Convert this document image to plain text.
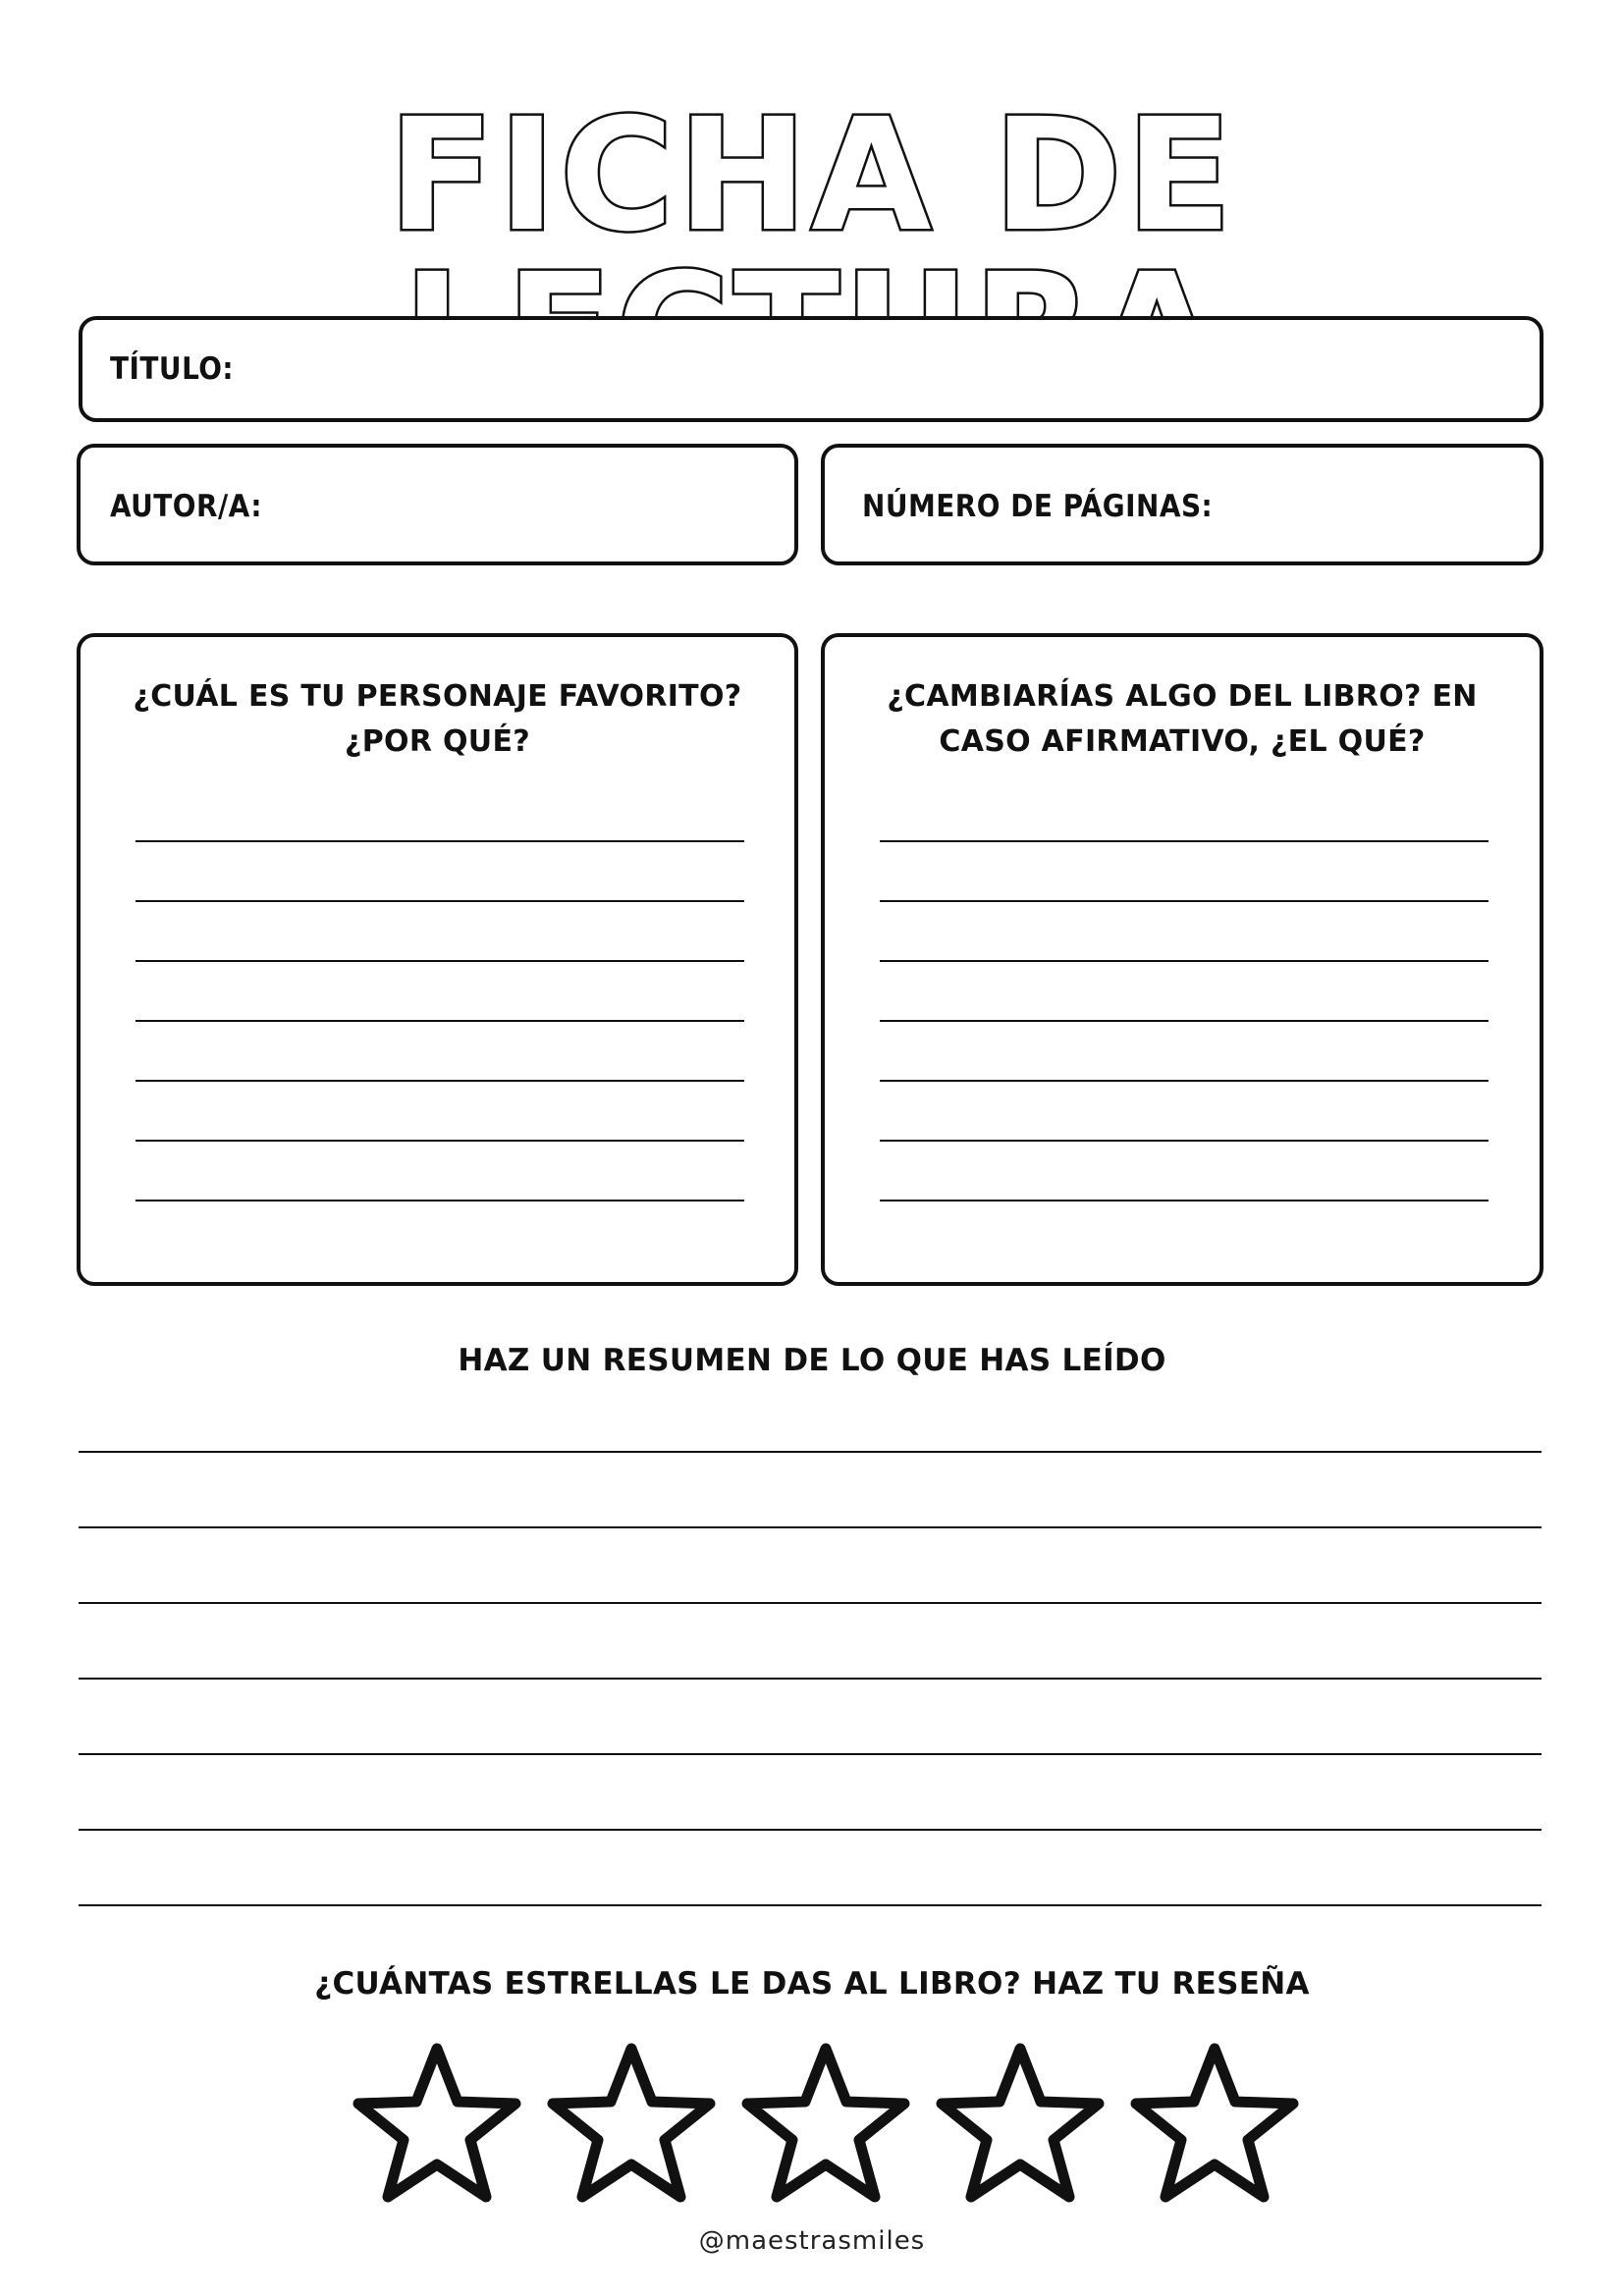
FICHA DE
TÍTULO:
AUTOR/A:	NÚMERO DE PÁGINAS:
¿CUÁL ES TU PERSONAJE FAVORITO?
¿POR QUÉ?
¿CAMBIARÍAS ALGO DEL LIBRO? EN
CASO AFIRMATIVO, ¿EL QUÉ?
HAZ UN RESUMEN DE LO QUE HAS LEÍDO
¿CUÁNTAS ESTRELLAS LE DAS AL LIBRO? HAZ TU RESEÑA
@maestrasmiles
